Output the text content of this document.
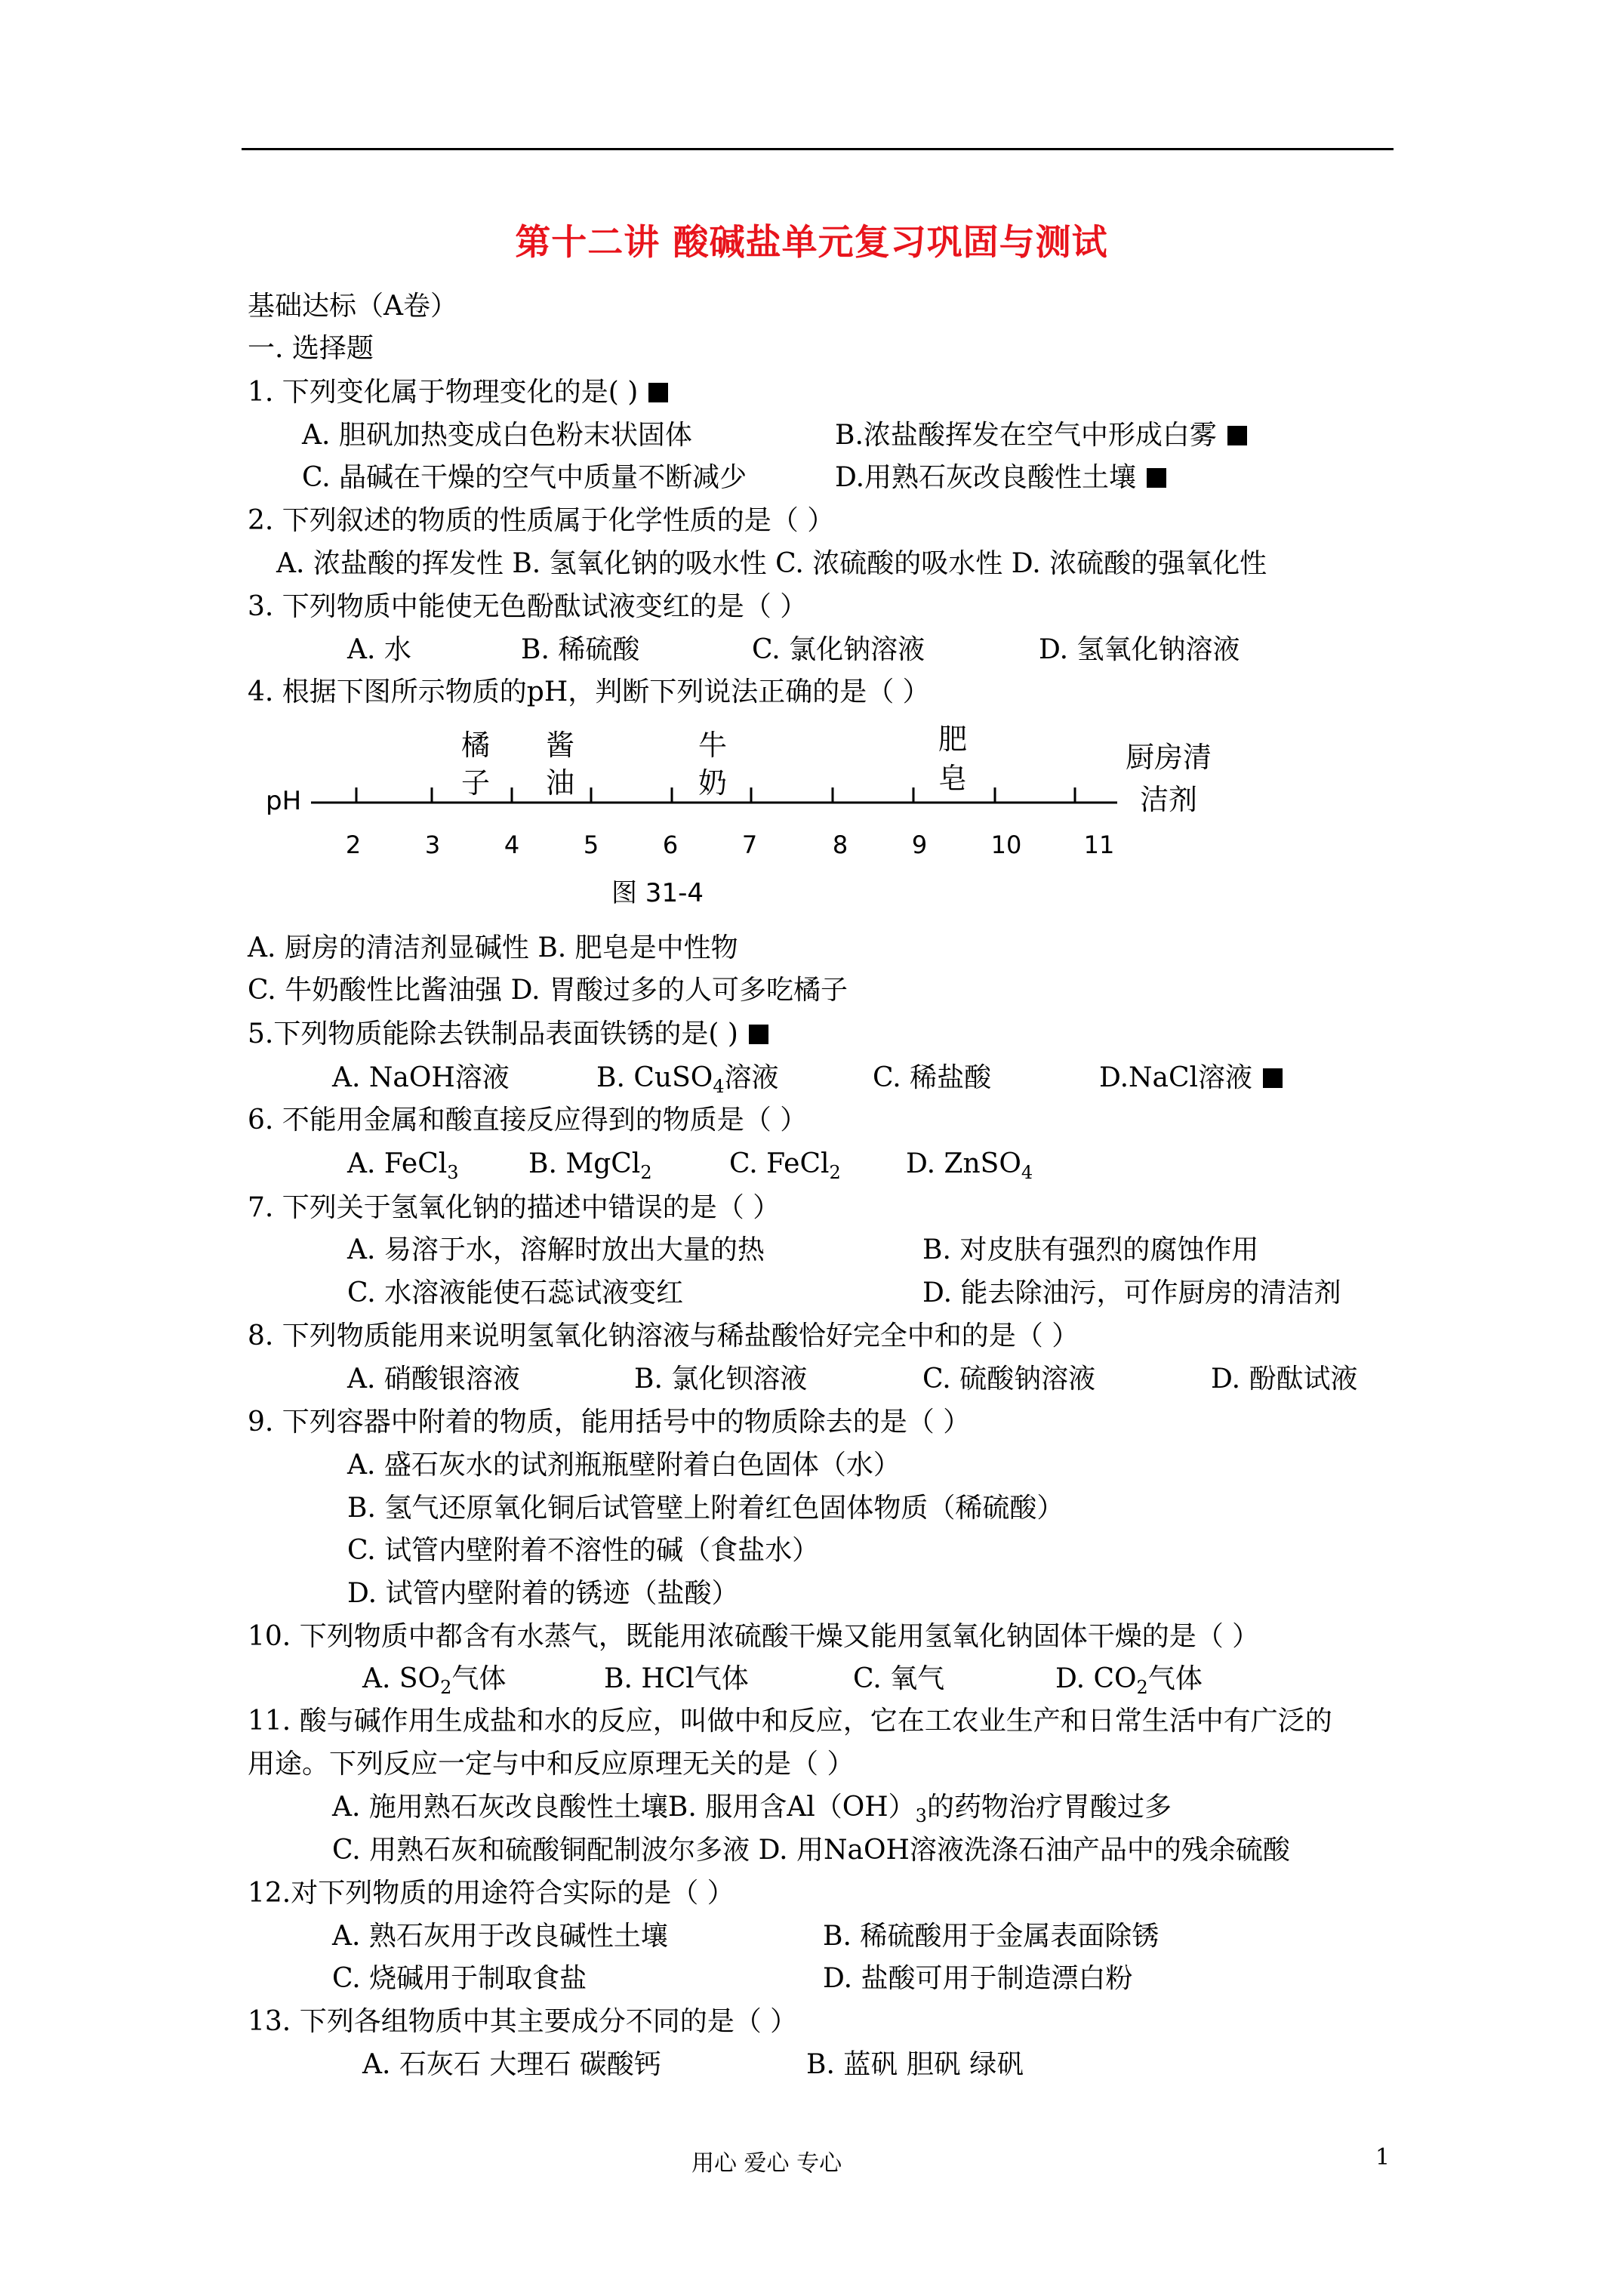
第十二讲 酸碱盐单元复习巩固与测试
基础达标（A卷）
一. 选择题
1. 下列变化属于物理变化的是( )
A. 胆矾加热变成白色粉末状固体	B.浓盐酸挥发在空气中形成白雾
C. 晶碱在干燥的空气中质量不断减少	D.用熟石灰改良酸性土壤
2. 下列叙述的物质的性质属于化学性质的是（ ）
A. 浓盐酸的挥发性 B. 氢氧化钠的吸水性 C. 浓硫酸的吸水性 D. 浓硫酸的强氧化性
3. 下列物质中能使无色酚酞试液变红的是（ ）
A. 水	B. 稀硫酸	C. 氯化钠溶液	D. 氢氧化钠溶液
4. 根据下图所示物质的pH，判断下列说法正确的是（ ）
pH
2	3	4	5	6	7	8	9	10	11
橘
子
酱
油
牛
奶
肥
皂
厨房清
洁剂
图 31-4
A. 厨房的清洁剂显碱性 B. 肥皂是中性物
C. 牛奶酸性比酱油强 D. 胃酸过多的人可多吃橘子
5.下列物质能除去铁制品表面铁锈的是( )
A. NaOH溶液	B. CuSO$_4$溶液	C. 稀盐酸	D.NaCl溶液
6. 不能用金属和酸直接反应得到的物质是（ ）
A. FeCl$_3$	B. MgCl$_2$	C. FeCl$_2$ D. ZnSO$_4$
7. 下列关于氢氧化钠的描述中错误的是（ ）
A. 易溶于水，溶解时放出大量的热	B. 对皮肤有强烈的腐蚀作用
C. 水溶液能使石蕊试液变红	D. 能去除油污，可作厨房的清洁剂
8. 下列物质能用来说明氢氧化钠溶液与稀盐酸恰好完全中和的是（ ）
A. 硝酸银溶液	B. 氯化钡溶液	C. 硫酸钠溶液	D. 酚酞试液
9. 下列容器中附着的物质，能用括号中的物质除去的是（ ）
A. 盛石灰水的试剂瓶瓶壁附着白色固体（水）
B. 氢气还原氧化铜后试管壁上附着红色固体物质（稀硫酸）
C. 试管内壁附着不溶性的碱（食盐水）
D. 试管内壁附着的锈迹（盐酸）
10. 下列物质中都含有水蒸气，既能用浓硫酸干燥又能用氢氧化钠固体干燥的是（ ）
A. $SO_2$气体	B. HCl气体	C. 氧气	D. $CO_2$气体
11. 酸与碱作用生成盐和水的反应，叫做中和反应，它在工农业生产和日常生活中有广泛的
用途。下列反应一定与中和反应原理无关的是（ ）
A. 施用熟石灰改良酸性土壤B. 服用含$Al(OH)_3$的药物治疗胃酸过多
C. 用熟石灰和硫酸铜配制波尔多液 D. 用NaOH溶液洗涤石油产品中的残余硫酸
12.对下列物质的用途符合实际的是（ ）
A. 熟石灰用于改良碱性土壤	B. 稀硫酸用于金属表面除锈
C. 烧碱用于制取食盐	D. 盐酸可用于制造漂白粉
13. 下列各组物质中其主要成分不同的是（ ）
A. 石灰石 大理石 碳酸钙	B. 蓝矾 胆矾 绿矾
用心 爱心 专心	1
